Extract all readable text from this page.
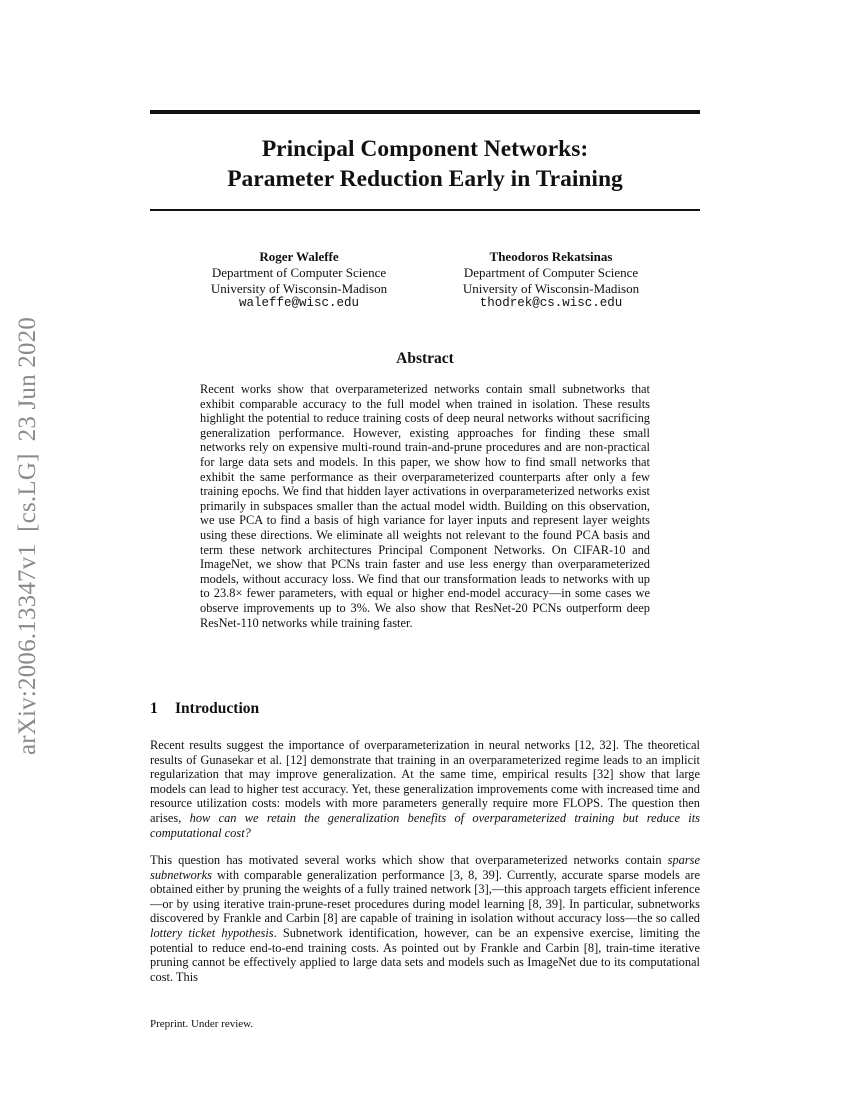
arXiv:2006.13347v1[cs.LG]23 Jun 2020
Principal Component Networks:
Parameter Reduction Early in Training
Roger Waleffe
Department of Computer Science
University of Wisconsin-Madison
waleffe@wisc.edu
Theodoros Rekatsinas
Department of Computer Science
University of Wisconsin-Madison
thodrek@cs.wisc.edu
Abstract
Recent works show that overparameterized networks contain small subnetworks that exhibit comparable accuracy to the full model when trained in isolation. These results highlight the potential to reduce training costs of deep neural networks without sacrificing generalization performance. However, existing approaches for finding these small networks rely on expensive multi-round train-and-prune procedures and are non-practical for large data sets and models. In this paper, we show how to find small networks that exhibit the same performance as their overparameterized counterparts after only a few training epochs. We find that hidden layer activations in overparameterized networks exist primarily in subspaces smaller than the actual model width. Building on this observation, we use PCA to find a basis of high variance for layer inputs and represent layer weights using these directions. We eliminate all weights not relevant to the found PCA basis and term these network architectures Principal Component Networks. On CIFAR-10 and ImageNet, we show that PCNs train faster and use less energy than overparameterized models, without accuracy loss. We find that our transformation leads to networks with up to 23.8× fewer parameters, with equal or higher end-model accuracy—in some cases we observe improvements up to 3%. We also show that ResNet-20 PCNs outperform deep ResNet-110 networks while training faster.
1 Introduction
Recent results suggest the importance of overparameterization in neural networks [12, 32]. The theoretical results of Gunasekar et al. [12] demonstrate that training in an overparameterized regime leads to an implicit regularization that may improve generalization. At the same time, empirical results [32] show that large models can lead to higher test accuracy. Yet, these generalization improvements come with increased time and resource utilization costs: models with more parameters generally require more FLOPS. The question then arises, how can we retain the generalization benefits of overparameterized training but reduce its computational cost?
This question has motivated several works which show that overparameterized networks contain sparse subnetworks with comparable generalization performance [3, 8, 39]. Currently, accurate sparse models are obtained either by pruning the weights of a fully trained network [3],—this approach targets efficient inference—or by using iterative train-prune-reset procedures during model learning [8, 39]. In particular, subnetworks discovered by Frankle and Carbin [8] are capable of training in isolation without accuracy loss—the so called lottery ticket hypothesis. Subnetwork identification, however, can be an expensive exercise, limiting the potential to reduce end-to-end training costs. As pointed out by Frankle and Carbin [8], train-time iterative pruning cannot be effectively applied to large data sets and models such as ImageNet due to its computational cost. This
Preprint. Under review.
